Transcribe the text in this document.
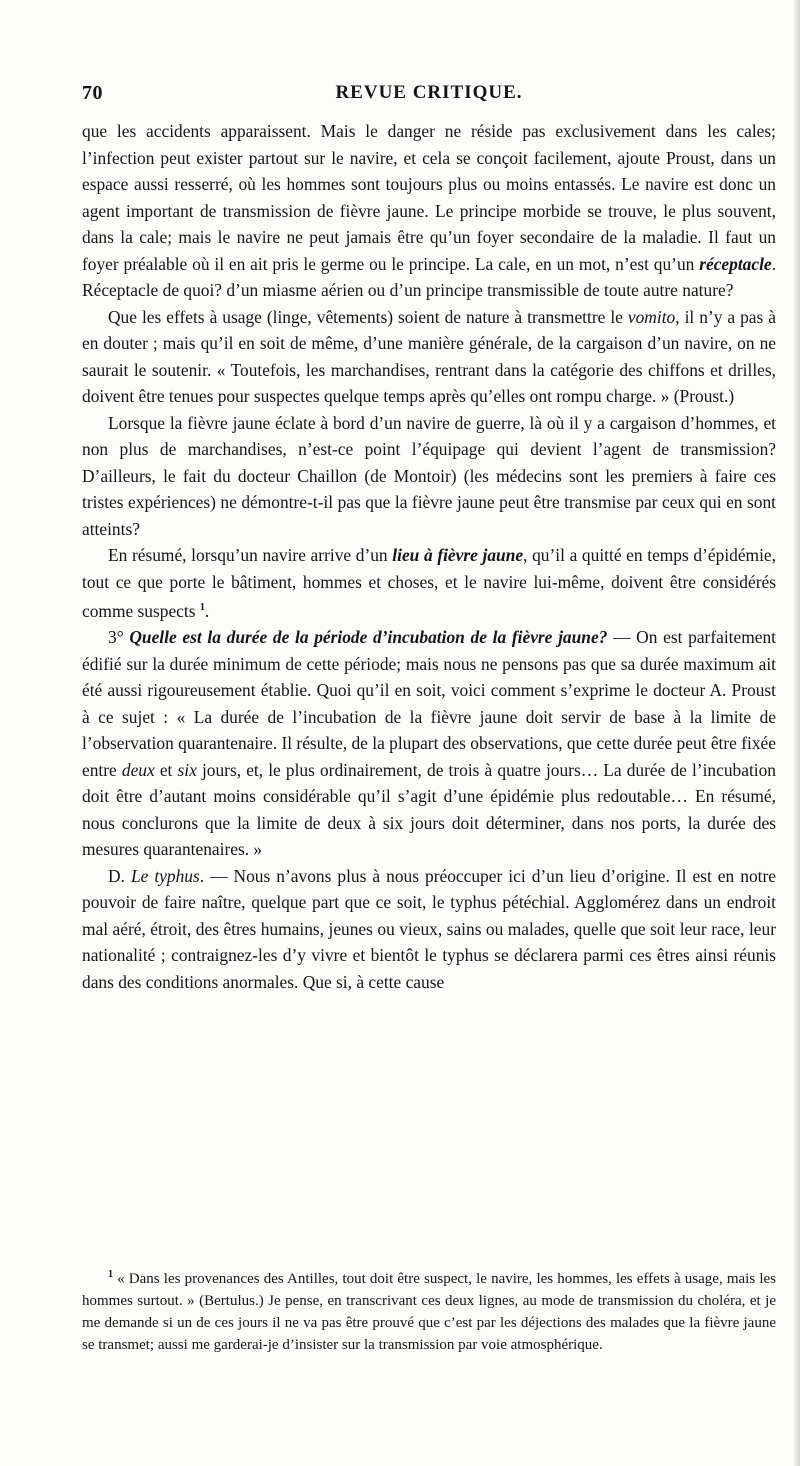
70	REVUE CRITIQUE.

que les accidents apparaissent. Mais le danger ne réside pas exclusivement dans les cales; l’infection peut exister partout sur le navire, et cela se conçoit facilement, ajoute Proust, dans un espace aussi resserré, où les hommes sont toujours plus ou moins entassés. Le navire est donc un agent important de transmission de fièvre jaune. Le principe morbide se trouve, le plus souvent, dans la cale; mais le navire ne peut jamais être qu’un foyer secondaire de la maladie. Il faut un foyer préalable où il en ait pris le germe ou le principe. La cale, en un mot, n’est qu’un réceptacle. Réceptacle de quoi? d’un miasme aérien ou d’un principe transmissible de toute autre nature?

Que les effets à usage (linge, vêtements) soient de nature à transmettre le vomito, il n’y a pas à en douter ; mais qu’il en soit de même, d’une manière générale, de la cargaison d’un navire, on ne saurait le soutenir. « Toutefois, les marchandises, rentrant dans la catégorie des chiffons et drilles, doivent être tenues pour suspectes quelque temps après qu’elles ont rompu charge. » (Proust.)

Lorsque la fièvre jaune éclate à bord d’un navire de guerre, là où il y a cargaison d’hommes, et non plus de marchandises, n’est-ce point l’équipage qui devient l’agent de transmission? D’ailleurs, le fait du docteur Chaillon (de Montoir) (les médecins sont les premiers à faire ces tristes expériences) ne démontre-t-il pas que la fièvre jaune peut être transmise par ceux qui en sont atteints?

En résumé, lorsqu’un navire arrive d’un lieu à fièvre jaune, qu’il a quitté en temps d’épidémie, tout ce que porte le bâtiment, hommes et choses, et le navire lui-même, doivent être considérés comme suspects $^1$.

3° Quelle est la durée de la période d’incubation de la fièvre jaune? — On est parfaitement édifié sur la durée minimum de cette période; mais nous ne pensons pas que sa durée maximum ait été aussi rigoureusement établie. Quoi qu’il en soit, voici comment s’exprime le docteur A. Proust à ce sujet : « La durée de l’incubation de la fièvre jaune doit servir de base à la limite de l’observation quarantenaire. Il résulte, de la plupart des observations, que cette durée peut être fixée entre deux et six jours, et, le plus ordinairement, de trois à quatre jours… La durée de l’incubation doit être d’autant moins considérable qu’il s’agit d’une épidémie plus redoutable… En résumé, nous conclurons que la limite de deux à six jours doit déterminer, dans nos ports, la durée des mesures quarantenaires. »

D. Le typhus. — Nous n’avons plus à nous préoccuper ici d’un lieu d’origine. Il est en notre pouvoir de faire naître, quelque part que ce soit, le typhus pétéchial. Agglomérez dans un endroit mal aéré, étroit, des êtres humains, jeunes ou vieux, sains ou malades, quelle que soit leur race, leur nationalité ; contraignez-les d’y vivre et bientôt le typhus se déclarera parmi ces êtres ainsi réunis dans des conditions anormales. Que si, à cette cause

$^1$ « Dans les provenances des Antilles, tout doit être suspect, le navire, les hommes, les effets à usage, mais les hommes surtout. » (Bertulus.) Je pense, en transcrivant ces deux lignes, au mode de transmission du choléra, et je me demande si un de ces jours il ne va pas être prouvé que c’est par les déjections des malades que la fièvre jaune se transmet; aussi me garderai-je d’insister sur la transmission par voie atmosphérique.
